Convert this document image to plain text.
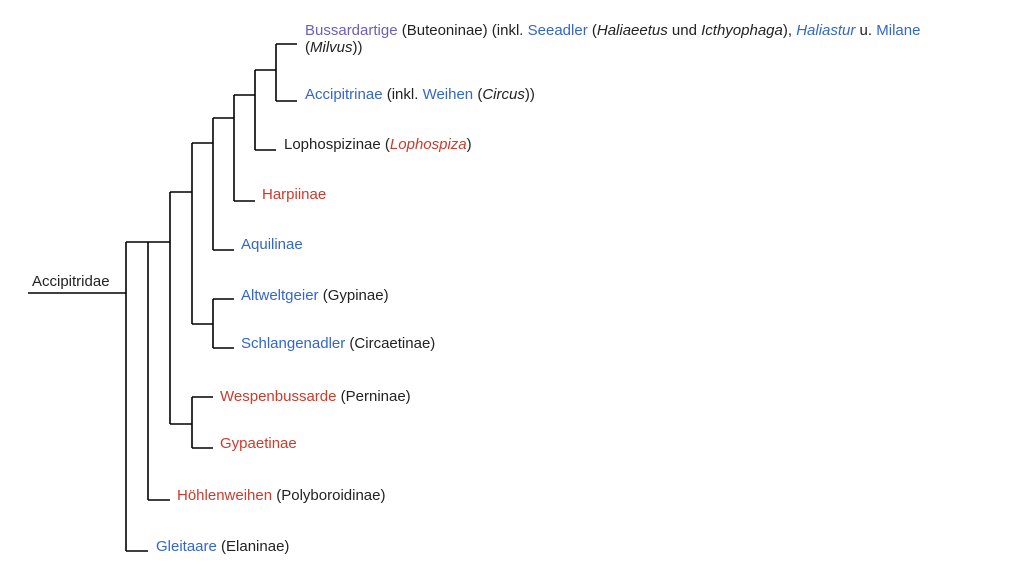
Accipitridae
Bussardartige (Buteoninae) (inkl. Seeadler (Haliaeetus und Icthyophaga), Haliastur u. Milane
(Milvus))
Accipitrinae (inkl. Weihen (Circus))
Lophospizinae (Lophospiza)
Harpiinae
Aquilinae
Altweltgeier (Gypinae)
Schlangenadler (Circaetinae)
Wespenbussarde (Perninae)
Gypaetinae
Höhlenweihen (Polyboroidinae)
Gleitaare (Elaninae)
